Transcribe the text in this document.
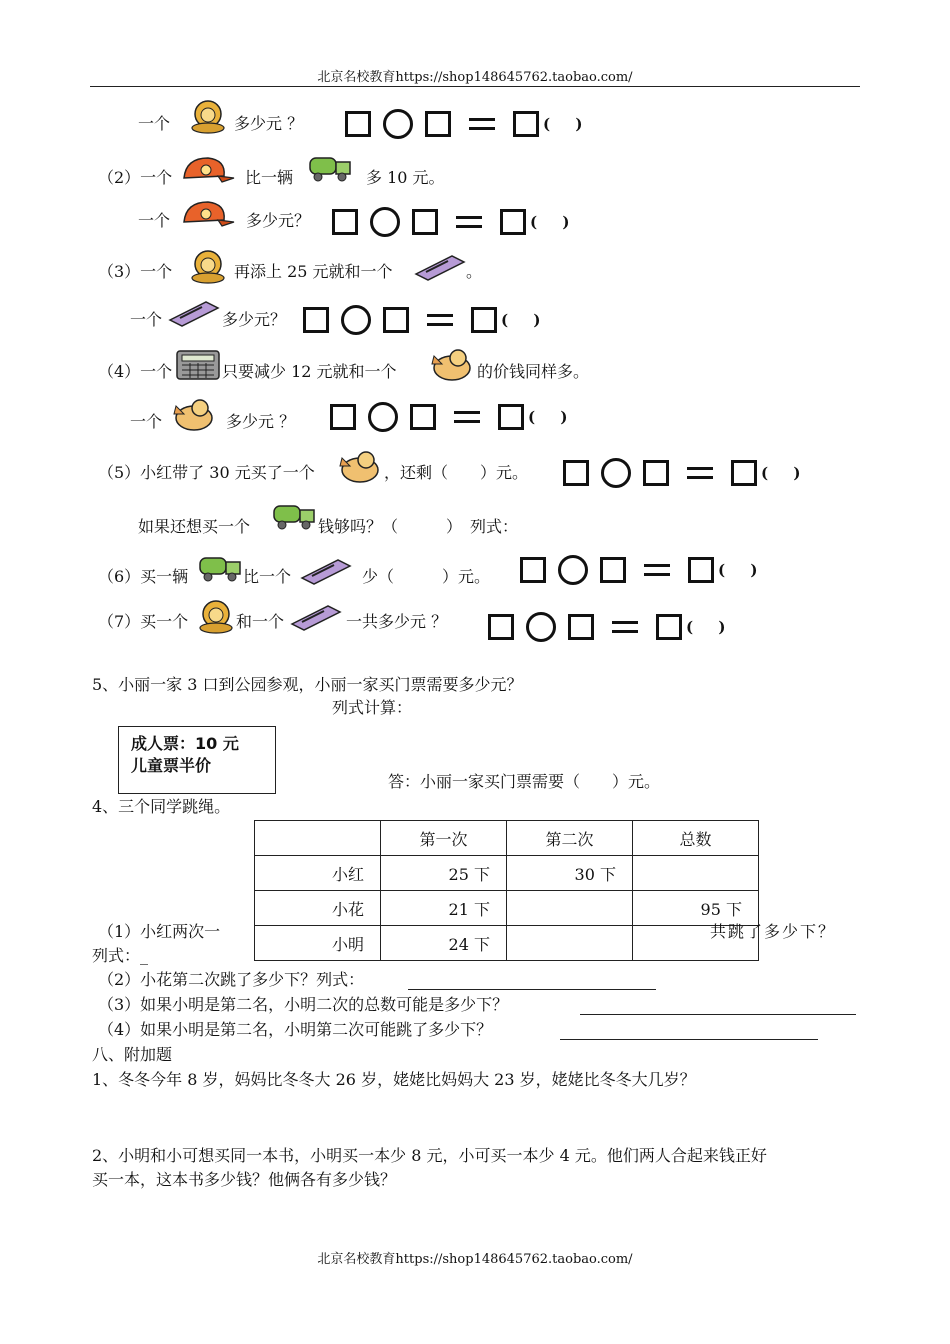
北京名校教育https://shop148645762.taobao.com/
北京名校教育https://shop148645762.taobao.com/
一个	多少元 ？	( )
（2）一个	比一辆	多 10 元。
一个	多少元？	( )
（3）一个	再添上 25 元就和一个	。
一个	多少元？	( )
（4）一个	只要减少 12 元就和一个	的价钱同样多。
一个	多少元 ？	( )
（5）小红带了 30 元买了一个	，还剩（　　）元。	( )
如果还想买一个	钱够吗？（　　　）　列式：
（6）买一辆	比一个	少（　　　）元。	( )
（7）买一个	和一个	一共多少元 ？	( )
5、小丽一家 3 口到公园参观，小丽一家买门票需要多少元？
列式计算：
成人票：10 元
儿童票半价
答：小丽一家买门票需要（　　）元。
4、三个同学跳绳。
	第一次	第二次	总数
小红	25 下	30 下	
小花	21 下		95 下
小明	24 下		
（1）小红两次一	共跳了多少下？
列式：_
（2）小花第二次跳了多少下？列式：
（3）如果小明是第二名，小明二次的总数可能是多少下？
（4）如果小明是第二名，小明第二次可能跳了多少下？
八、附加题
1、冬冬今年 8 岁，妈妈比冬冬大 26 岁，姥姥比妈妈大 23 岁，姥姥比冬冬大几岁？
2、小明和小可想买同一本书，小明买一本少 8 元，小可买一本少 4 元。他们两人合起来钱正好
买一本，这本书多少钱？他俩各有多少钱？
